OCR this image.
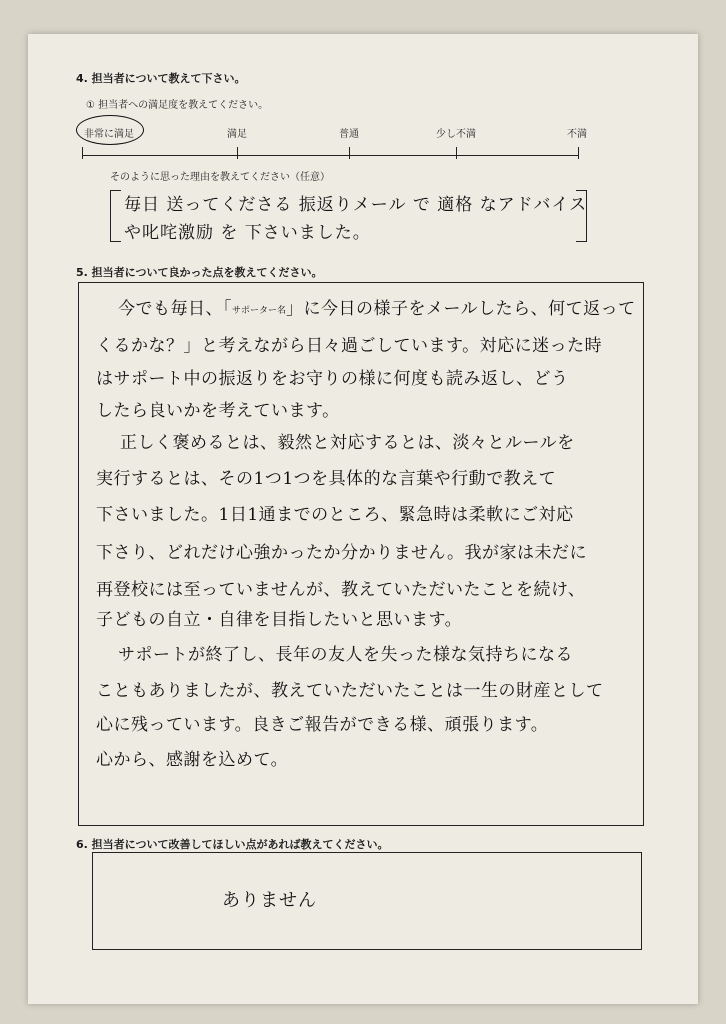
4. 担当者について教えて下さい。
① 担当者への満足度を教えてください。
非常に満足	満足	普通	少し不満	不満
そのように思った理由を教えてください（任意）
毎日 送ってくださる 振返りメール で 適格 なアドバイス
や叱咤激励 を 下さいました。
5. 担当者について良かった点を教えてください。
今でも毎日、「サポーター名」に今日の様子をメールしたら、何て返って
くるかな？」と考えながら日々過ごしています。対応に迷った時
はサポート中の振返りをお守りの様に何度も読み返し、どう
したら良いかを考えています。
正しく褒めるとは、毅然と対応するとは、淡々とルールを
実行するとは、その1つ1つを具体的な言葉や行動で教えて
下さいました。1日1通までのところ、緊急時は柔軟にご対応
下さり、どれだけ心強かったか分かりません。我が家は未だに
再登校には至っていませんが、教えていただいたことを続け、
子どもの自立・自律を目指したいと思います。
サポートが終了し、長年の友人を失った様な気持ちになる
こともありましたが、教えていただいたことは一生の財産として
心に残っています。良きご報告ができる様、頑張ります。
心から、感謝を込めて。
6. 担当者について改善してほしい点があれば教えてください。
ありません
